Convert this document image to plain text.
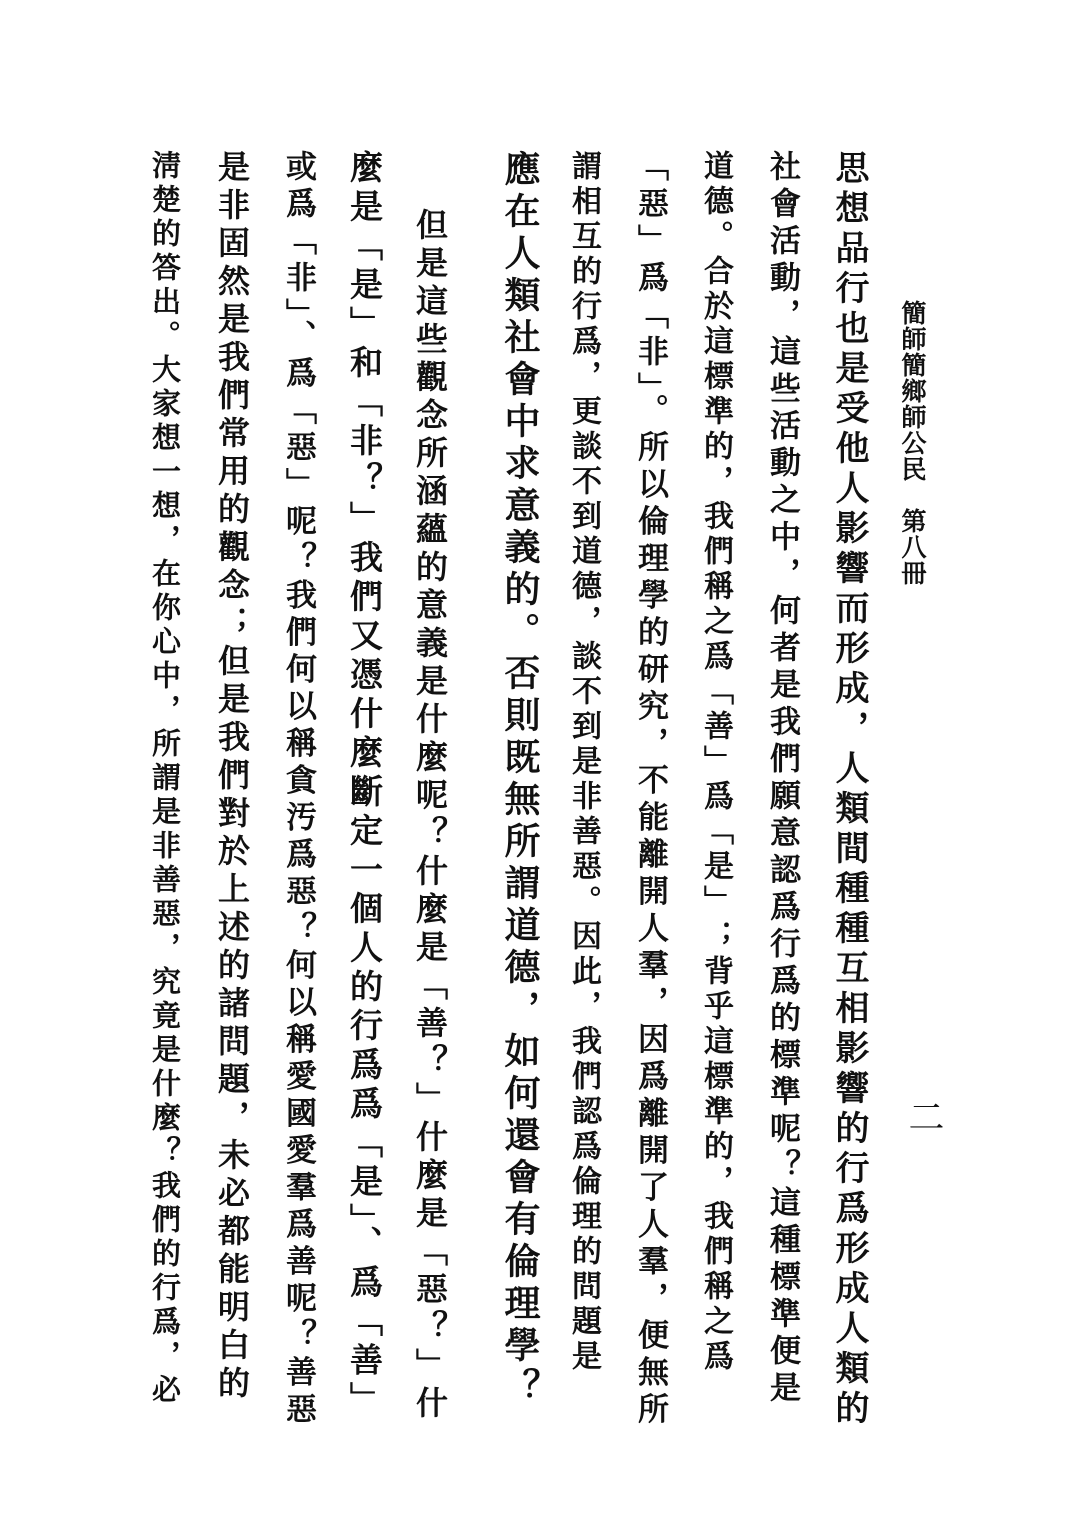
簡師簡鄉師公民　第八冊
二
思想品行也是受他人影響而形成，人類間種種互相影響的行爲形成人類的
社會活動，這些活動之中，何者是我們願意認爲行爲的標準呢？這種標準便是
道德。合於這標準的，我們稱之爲「善」爲「是」；背乎這標準的，我們稱之爲
「惡」爲「非」。所以倫理學的研究，不能離開人羣，因爲離開了人羣，便無所
謂相互的行爲，更談不到道德，談不到是非善惡。因此，我們認爲倫理的問題是
應在人類社會中求意義的。否則既無所謂道德，如何還會有倫理學？
但是這些觀念所涵蘊的意義是什麼呢？什麼是「善？」什麼是「惡？」什
麼是「是」和「非？」我們又憑什麼斷定一個人的行爲爲「是」、爲「善」
或爲「非」、爲「惡」呢？我們何以稱貪汚爲惡？何以稱愛國愛羣爲善呢？善惡
是非固然是我們常用的觀念；但是我們對於上述的諸問題，未必都能明白的
淸楚的答出。大家想一想，在你心中，所謂是非善惡，究竟是什麼？我們的行爲，必
